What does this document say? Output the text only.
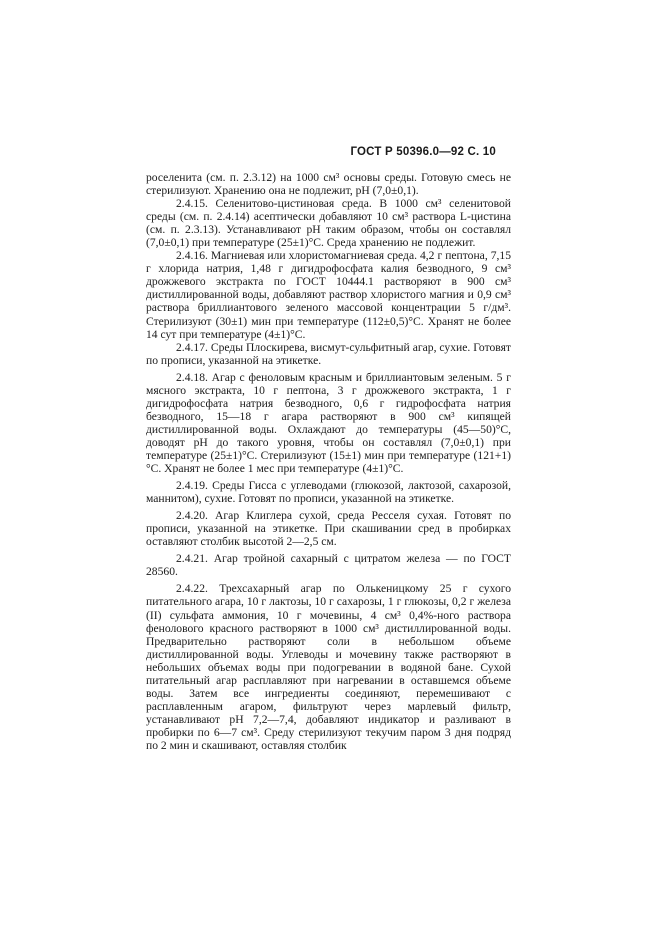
ГОСТ Р 50396.0—92 С. 10

роселенита (см. п. 2.3.12) на 1000 см³ основы среды. Готовую смесь не стерилизуют. Хранению она не подлежит, pH (7,0±0,1).

2.4.15. Селенитово-цистиновая среда. В 1000 см³ селенитовой среды (см. п. 2.4.14) асептически добавляют 10 см³ раствора L-цистина (см. п. 2.3.13). Устанавливают pH таким образом, чтобы он составлял (7,0±0,1) при температуре (25±1)°С. Среда хранению не подлежит.

2.4.16. Магниевая или хлористомагниевая среда. 4,2 г пептона, 7,15 г хлорида натрия, 1,48 г дигидрофосфата калия безводного, 9 см³ дрожжевого экстракта по ГОСТ 10444.1 растворяют в 900 см³ дистиллированной воды, добавляют раствор хлористого магния и 0,9 см³ раствора бриллиантового зеленого массовой концентрации 5 г/дм³. Стерилизуют (30±1) мин при температуре (112±0,5)°С. Хранят не более 14 сут при температуре (4±1)°С.

2.4.17. Среды Плоскирева, висмут-сульфитный агар, сухие. Готовят по прописи, указанной на этикетке.

2.4.18. Агар с феноловым красным и бриллиантовым зеленым. 5 г мясного экстракта, 10 г пептона, 3 г дрожжевого экстракта, 1 г дигидрофосфата натрия безводного, 0,6 г гидрофосфата натрия безводного, 15—18 г агара растворяют в 900 см³ кипящей дистиллированной воды. Охлаждают до температуры (45—50)°С, доводят pH до такого уровня, чтобы он составлял (7,0±0,1) при температуре (25±1)°С. Стерилизуют (15±1) мин при температуре (121+1)°С. Хранят не более 1 мес при температуре (4±1)°С.

2.4.19. Среды Гисса с углеводами (глюкозой, лактозой, сахарозой, маннитом), сухие. Готовят по прописи, указанной на этикетке.

2.4.20. Агар Клиглера сухой, среда Ресселя сухая. Готовят по прописи, указанной на этикетке. При скашивании сред в пробирках оставляют столбик высотой 2—2,5 см.

2.4.21. Агар тройной сахарный с цитратом железа — по ГОСТ 28560.

2.4.22. Трехсахарный агар по Олькеницкому 25 г сухого питательного агара, 10 г лактозы, 10 г сахарозы, 1 г глюкозы, 0,2 г железа (II) сульфата аммония, 10 г мочевины, 4 см³ 0,4%-ного раствора фенолового красного растворяют в 1000 см³ дистиллированной воды. Предварительно растворяют соли в небольшом объеме дистиллированной воды. Углеводы и мочевину также растворяют в небольших объемах воды при подогревании в водяной бане. Сухой питательный агар расплавляют при нагревании в оставшемся объеме воды. Затем все ингредиенты соединяют, перемешивают с расплавленным агаром, фильтруют через марлевый фильтр, устанавливают pH 7,2—7,4, добавляют индикатор и разливают в пробирки по 6—7 см³. Среду стерилизуют текучим паром 3 дня подряд по 2 мин и скашивают, оставляя столбик
